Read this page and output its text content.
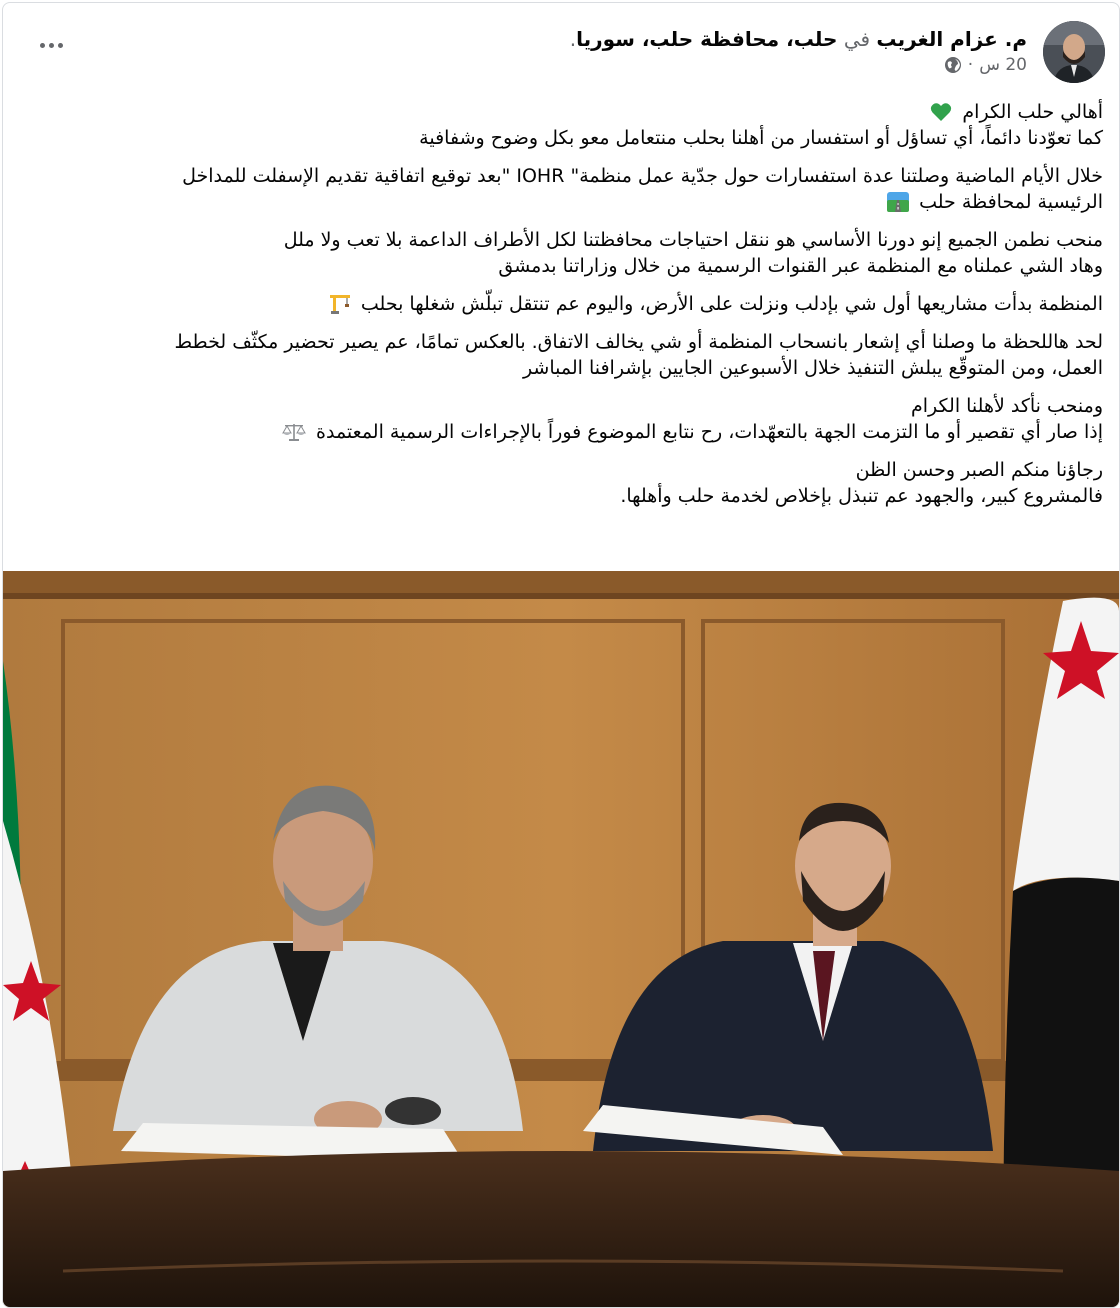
م. عزام الغريب في حلب، محافظة حلب، سوريا.
20 س
·

أهالي حلب الكرام
كما تعوّدنا دائماً، أي تساؤل أو استفسار من أهلنا بحلب منتعامل معو بكل وضوح وشفافية

خلال الأيام الماضية وصلتنا عدة استفسارات حول جدّية عمل منظمة" IOHR "بعد توقيع اتفاقية تقديم الإسفلت للمداخل
الرئيسية لمحافظة حلب

منحب نطمن الجميع إنو دورنا الأساسي هو ننقل احتياجات محافظتنا لكل الأطراف الداعمة بلا تعب ولا ملل
وهاد الشي عملناه مع المنظمة عبر القنوات الرسمية من خلال وزاراتنا بدمشق

المنظمة بدأت مشاريعها أول شي بإدلب ونزلت على الأرض، واليوم عم تنتقل تبلّش شغلها بحلب

لحد هاللحظة ما وصلنا أي إشعار بانسحاب المنظمة أو شي يخالف الاتفاق. بالعكس تمامًا، عم يصير تحضير مكثّف لخطط
العمل، ومن المتوقّع يبلش التنفيذ خلال الأسبوعين الجايين بإشرافنا المباشر

ومنحب نأكد لأهلنا الكرام
إذا صار أي تقصير أو ما التزمت الجهة بالتعهّدات، رح نتابع الموضوع فوراً بالإجراءات الرسمية المعتمدة

رجاؤنا منكم الصبر وحسن الظن
فالمشروع كبير، والجهود عم تنبذل بإخلاص لخدمة حلب وأهلها.
